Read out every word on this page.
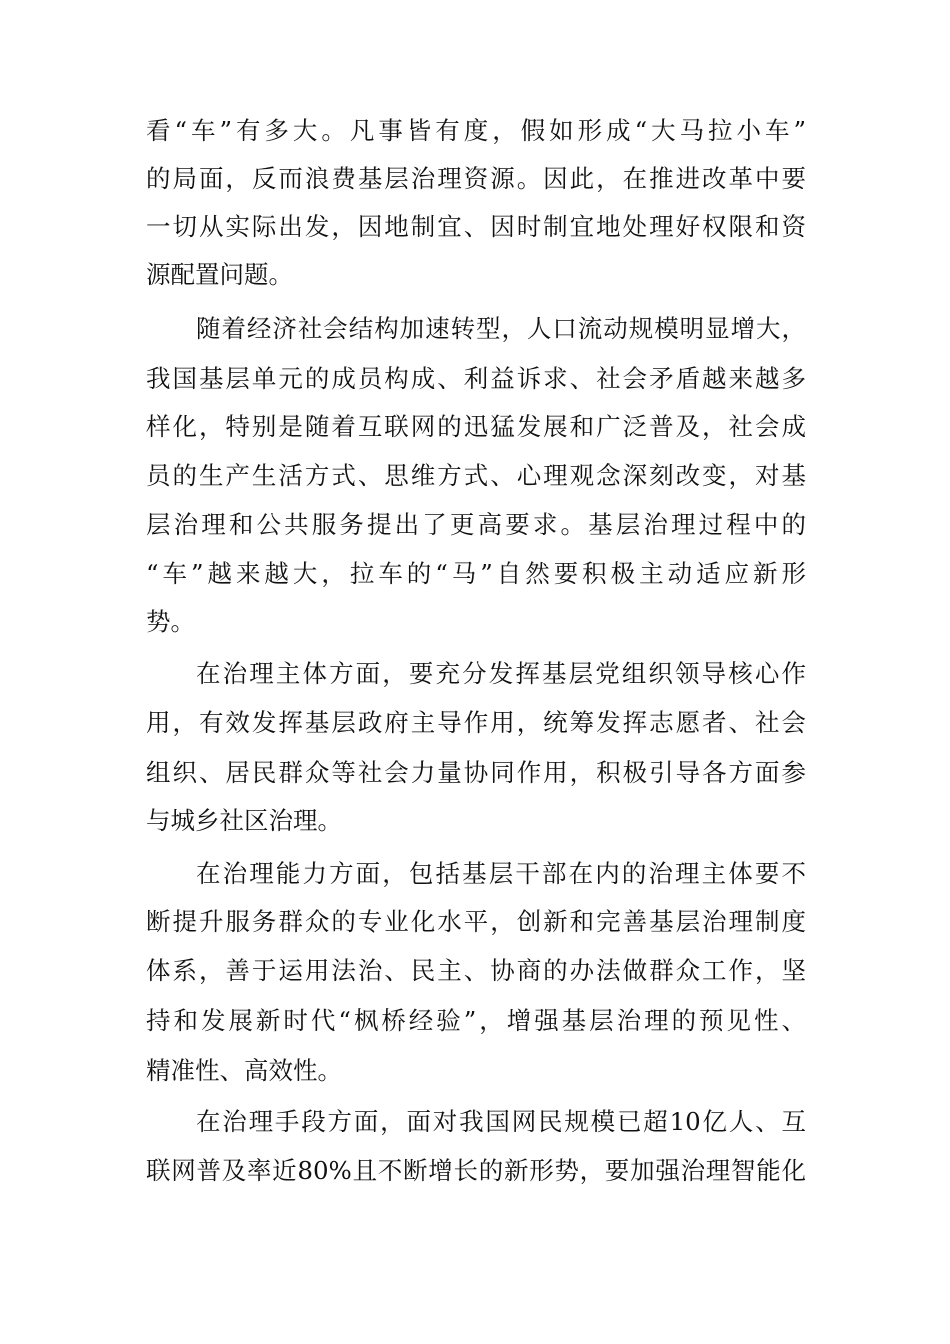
看“车”有多大。凡事皆有度，假如形成“大马拉小车”
的局面，反而浪费基层治理资源。因此，在推进改革中要
一切从实际出发，因地制宜、因时制宜地处理好权限和资
源配置问题。
随着经济社会结构加速转型，人口流动规模明显增大，
我国基层单元的成员构成、利益诉求、社会矛盾越来越多
样化，特别是随着互联网的迅猛发展和广泛普及，社会成
员的生产生活方式、思维方式、心理观念深刻改变，对基
层治理和公共服务提出了更高要求。基层治理过程中的
“车”越来越大，拉车的“马”自然要积极主动适应新形
势。
在治理主体方面，要充分发挥基层党组织领导核心作
用，有效发挥基层政府主导作用，统筹发挥志愿者、社会
组织、居民群众等社会力量协同作用，积极引导各方面参
与城乡社区治理。
在治理能力方面，包括基层干部在内的治理主体要不
断提升服务群众的专业化水平，创新和完善基层治理制度
体系，善于运用法治、民主、协商的办法做群众工作，坚
持和发展新时代“枫桥经验”，增强基层治理的预见性、
精准性、高效性。
在治理手段方面，面对我国网民规模已超10亿人、互
联网普及率近80%且不断增长的新形势，要加强治理智能化
